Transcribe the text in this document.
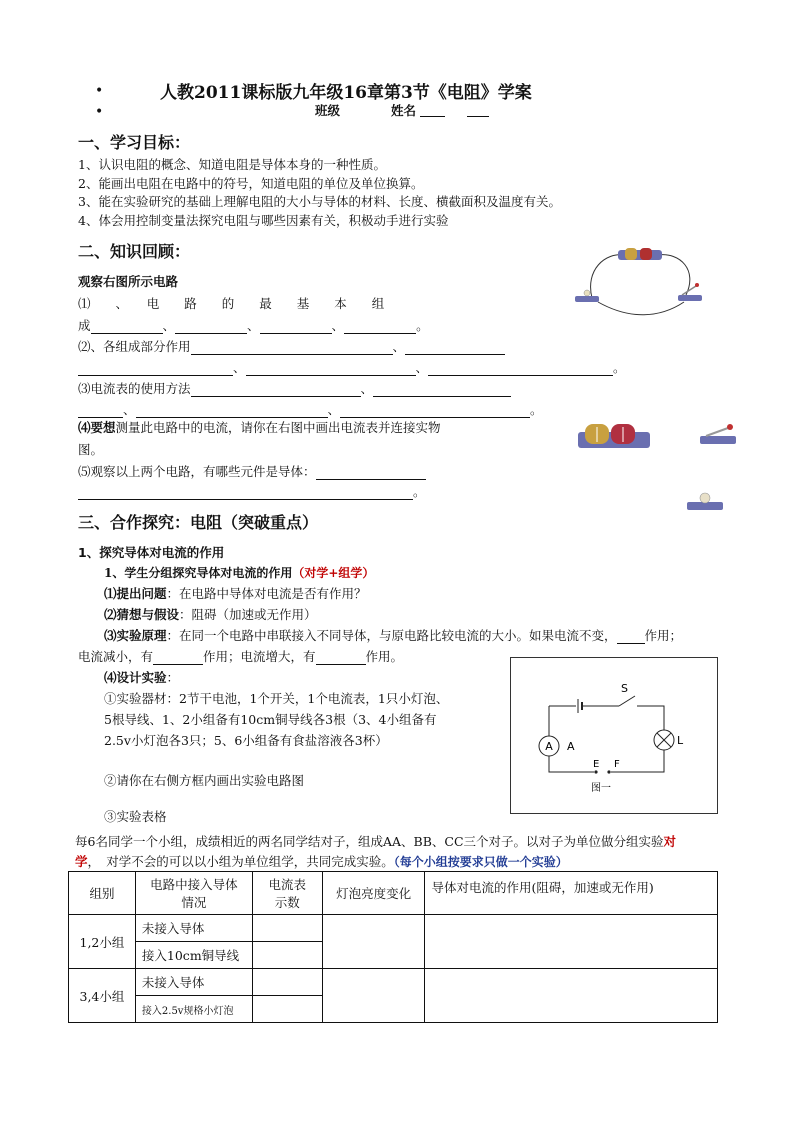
•	人教2011课标版九年级16章第3节《电阻》学案
•	班级	姓名
一、学习目标：
1、认识电阻的概念、知道电阻是导体本身的一种性质。
2、能画出电阻在电路中的符号，知道电阻的单位及单位换算。
3、能在实验研究的基础上理解电阻的大小与导体的材料、长度、横截面积及温度有关。
4、体会用控制变量法探究电阻与哪些因素有关，积极动手进行实验
二、知识回顾：
观察右图所示电路
⑴　　、　　电　　路　　的　　最　　基　　本　　组
成	、	、	、	。
⑵、各组成部分作用	、
、	、	。
⑶电流表的使用方法	、
、	、	。
⑷要想测量此电路中的电流，请你在右图中画出电流表并连接实物
图。
⑸观察以上两个电路，有哪些元件是导体：
。
三、合作探究：电阻（突破重点）
1、探究导体对电流的作用
1、学生分组探究导体对电流的作用（对学+组学）
⑴提出问题：在电路中导体对电流是否有作用？
⑵猜想与假设：阻碍（加速或无作用）
⑶实验原理：在同一个电路中串联接入不同导体，与原电路比较电流的大小。如果电流不变， 作用；
电流减小，有	作用；电流增大，有	作用。
⑷设计实验：
①实验器材：2节干电池，1个开关，1个电流表，1只小灯泡、
5根导线、1、2小组备有10cm铜导线各3根（3、4小组备有
2.5v小灯泡各3只；5、6小组备有食盐溶液各3杯）
②请你在右侧方框内画出实验电路图
③实验表格
每6名同学一个小组，成绩相近的两名同学结对子，组成AA、BB、CC三个对子。以对子为单位做分组实验对
学，　对学不会的可以以小组为单位组学，共同完成实验。（每个小组按要求只做一个实验）
A A
S
L
E F
图一
组别	电路中接入导体情况	电流表示数	灯泡亮度变化	导体对电流的作用(阻碍，加速或无作用)
1,2小组	未接入导体			
	接入10cm铜导线			
3,4小组	未接入导体			
	接入2.5v规格小灯泡			
